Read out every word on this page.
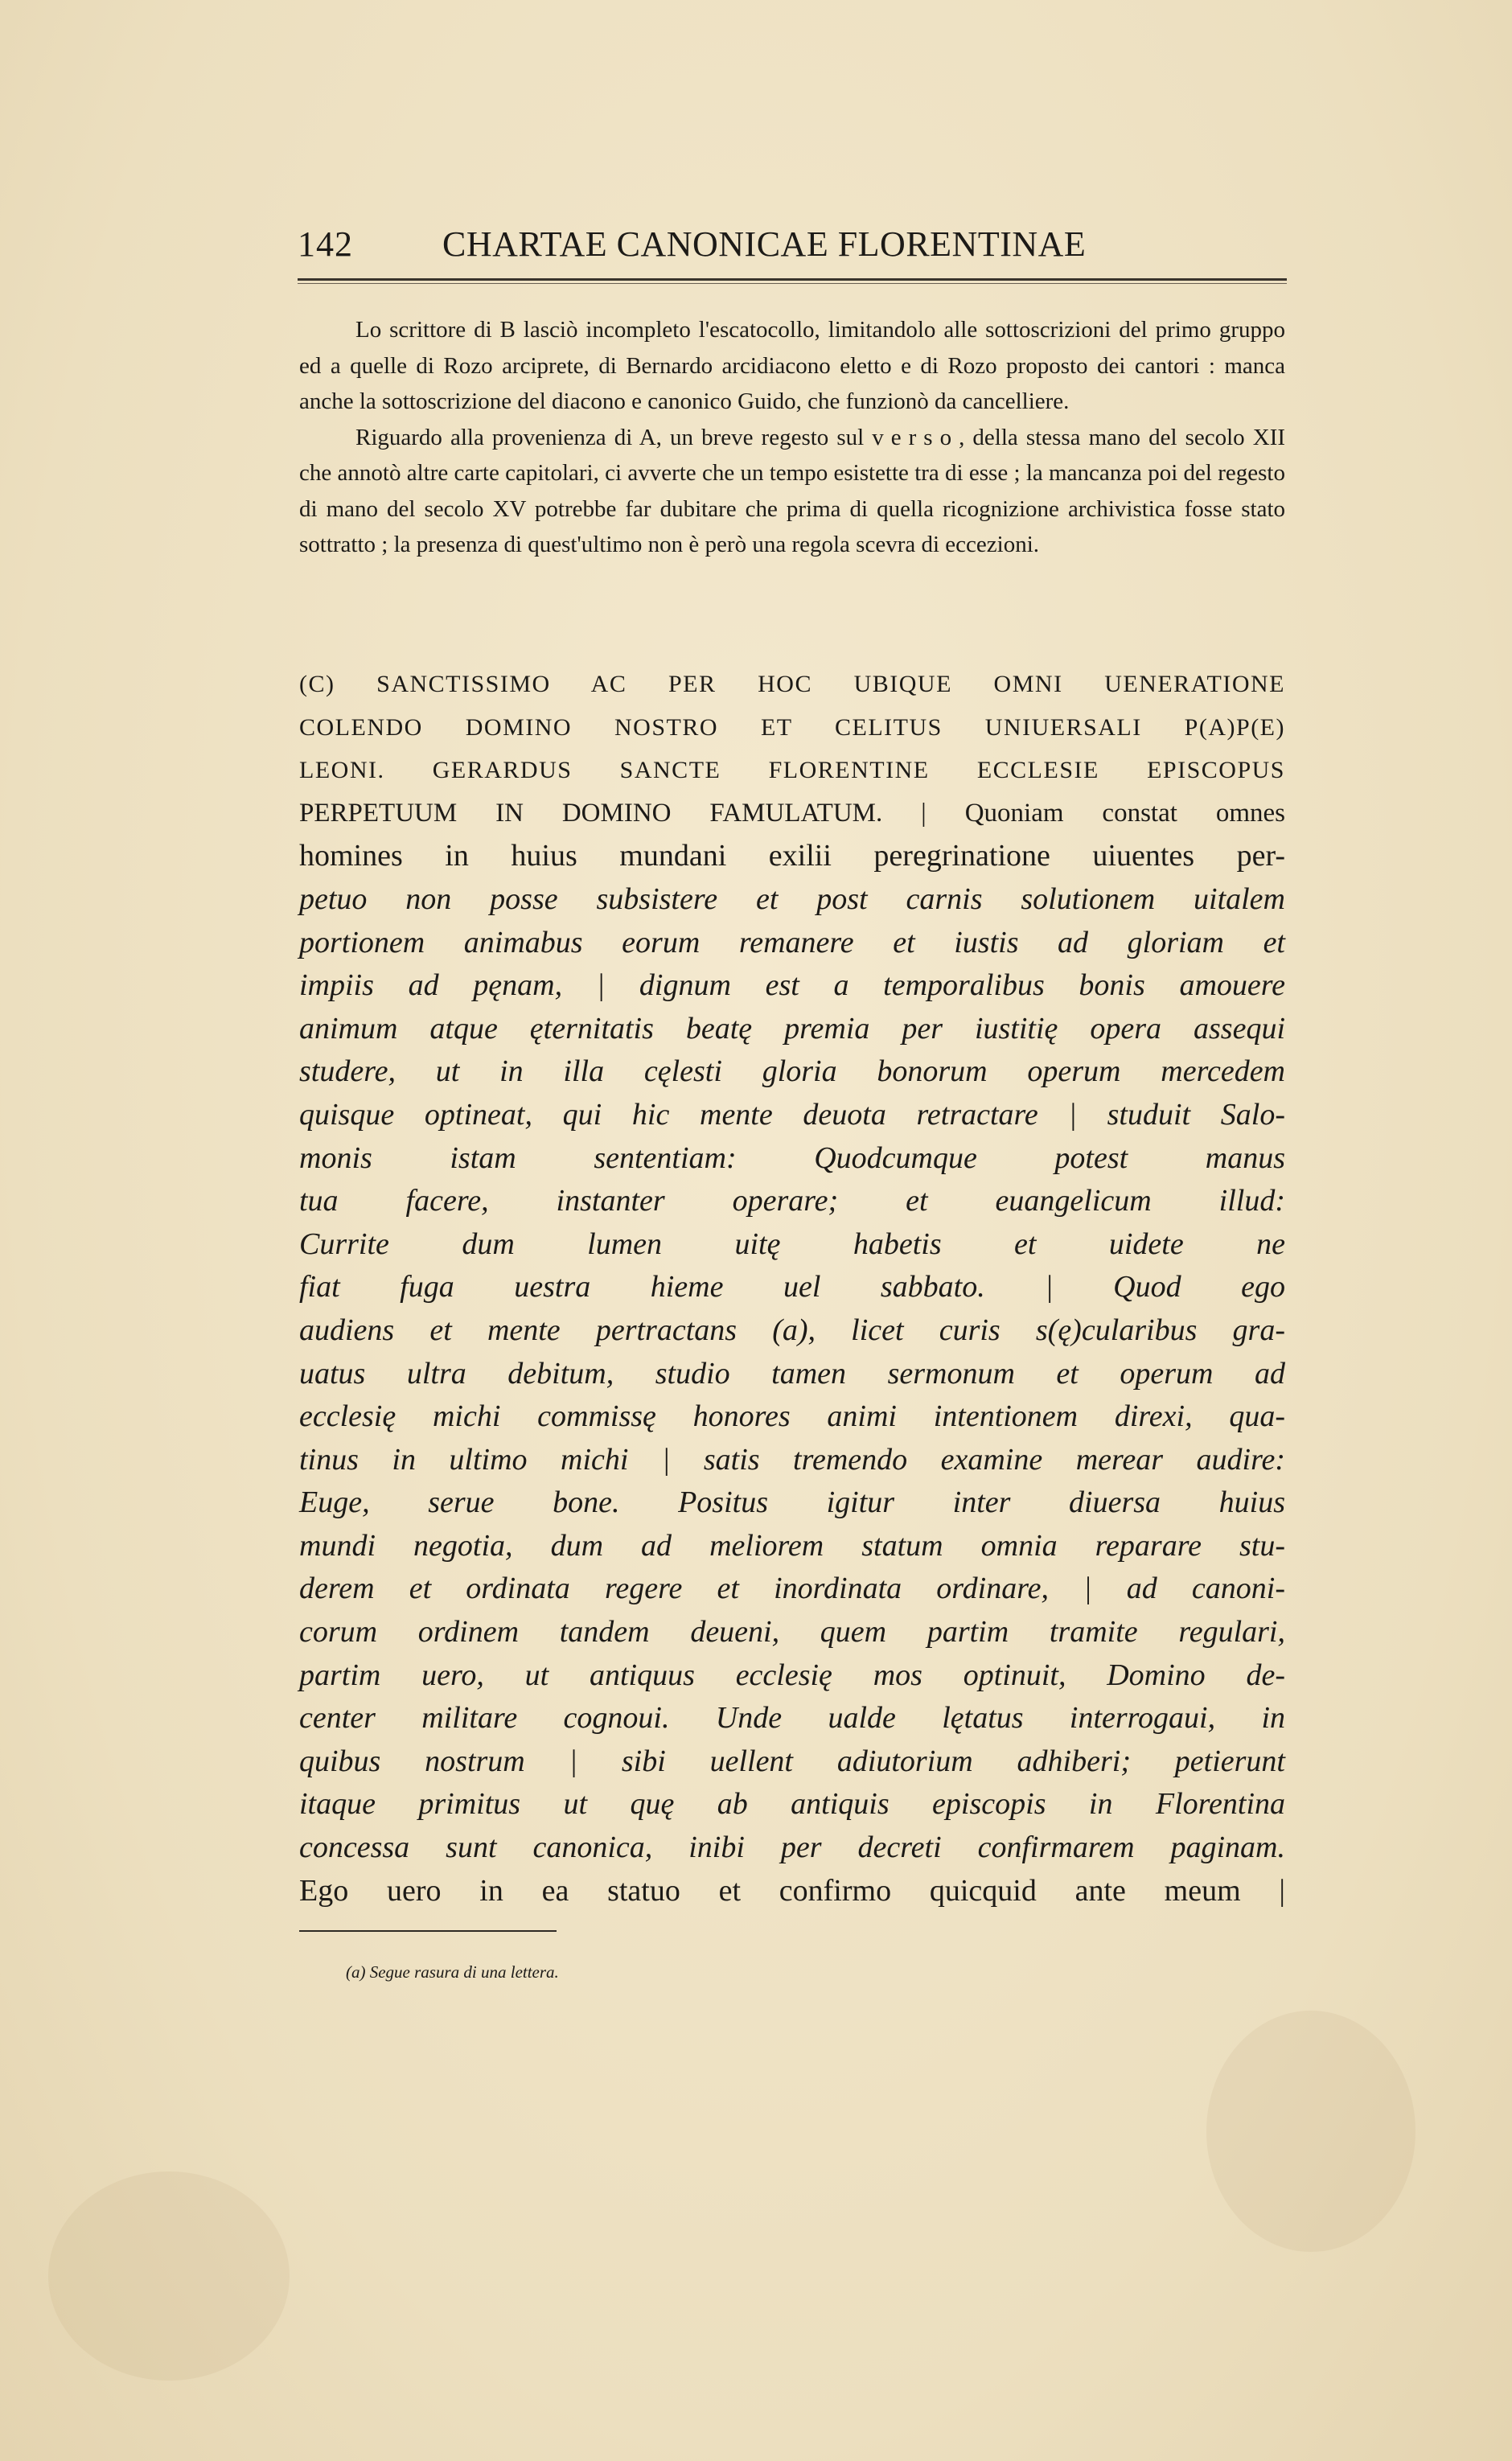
142	CHARTAE CANONICAE FLORENTINAE

Lo scrittore di B lasciò incompleto l'escatocollo, limitandolo alle sottoscrizioni del primo gruppo ed a quelle di Rozo arciprete, di Bernardo arcidiacono eletto e di Rozo proposto dei cantori : manca anche la sottoscrizione del diacono e canonico Guido, che funzionò da cancelliere.

Riguardo alla provenienza di A, un breve regesto sul verso, della stessa mano del secolo XII che annotò altre carte capitolari, ci avverte che un tempo esistette tra di esse ; la mancanza poi del regesto di mano del secolo XV potrebbe far dubitare che prima di quella ricognizione archivistica fosse stato sottratto ; la presenza di quest'ultimo non è però una regola scevra di eccezioni.

(C) SANCTISSIMO AC PER HOC UBIQUE OMNI UENERATIONE
COLENDO DOMINO NOSTRO ET CELITUS UNIUERSALI P(A)P(E)
LEONI. GERARDUS SANCTE FLORENTINE ECCLESIE EPISCOPUS
PERPETUUM IN DOMINO FAMULATUM. | Quoniam constat omnes
homines in huius mundani exilii peregrinatione uiuentes per-
petuo non posse subsistere et post carnis solutionem uitalem
portionem animabus eorum remanere et iustis ad gloriam et
impiis ad pęnam, | dignum est a temporalibus bonis amouere
animum atque ęternitatis beatę premia per iustitię opera assequi
studere, ut in illa cęlesti gloria bonorum operum mercedem
quisque optineat, qui hic mente deuota retractare | studuit Salo-
monis istam sententiam: Quodcumque potest manus
tua facere, instanter operare; et euangelicum illud:
Currite dum lumen uitę habetis et uidete ne
fiat fuga uestra hieme uel sabbato. | Quod ego
audiens et mente pertractans (a), licet curis s(ę)cularibus gra-
uatus ultra debitum, studio tamen sermonum et operum ad
ecclesię michi commissę honores animi intentionem direxi, qua-
tinus in ultimo michi | satis tremendo examine merear audire:
Euge, serue bone. Positus igitur inter diuersa huius
mundi negotia, dum ad meliorem statum omnia reparare stu-
derem et ordinata regere et inordinata ordinare, | ad canoni-
corum ordinem tandem deueni, quem partim tramite regulari,
partim uero, ut antiquus ecclesię mos optinuit, Domino de-
center militare cognoui. Unde ualde lętatus interrogaui, in
quibus nostrum | sibi uellent adiutorium adhiberi; petierunt
itaque primitus ut quę ab antiquis episcopis in Florentina
concessa sunt canonica, inibi per decreti confirmarem paginam.
Ego uero in ea statuo et confirmo quicquid ante meum |
(a) Segue rasura di una lettera.
